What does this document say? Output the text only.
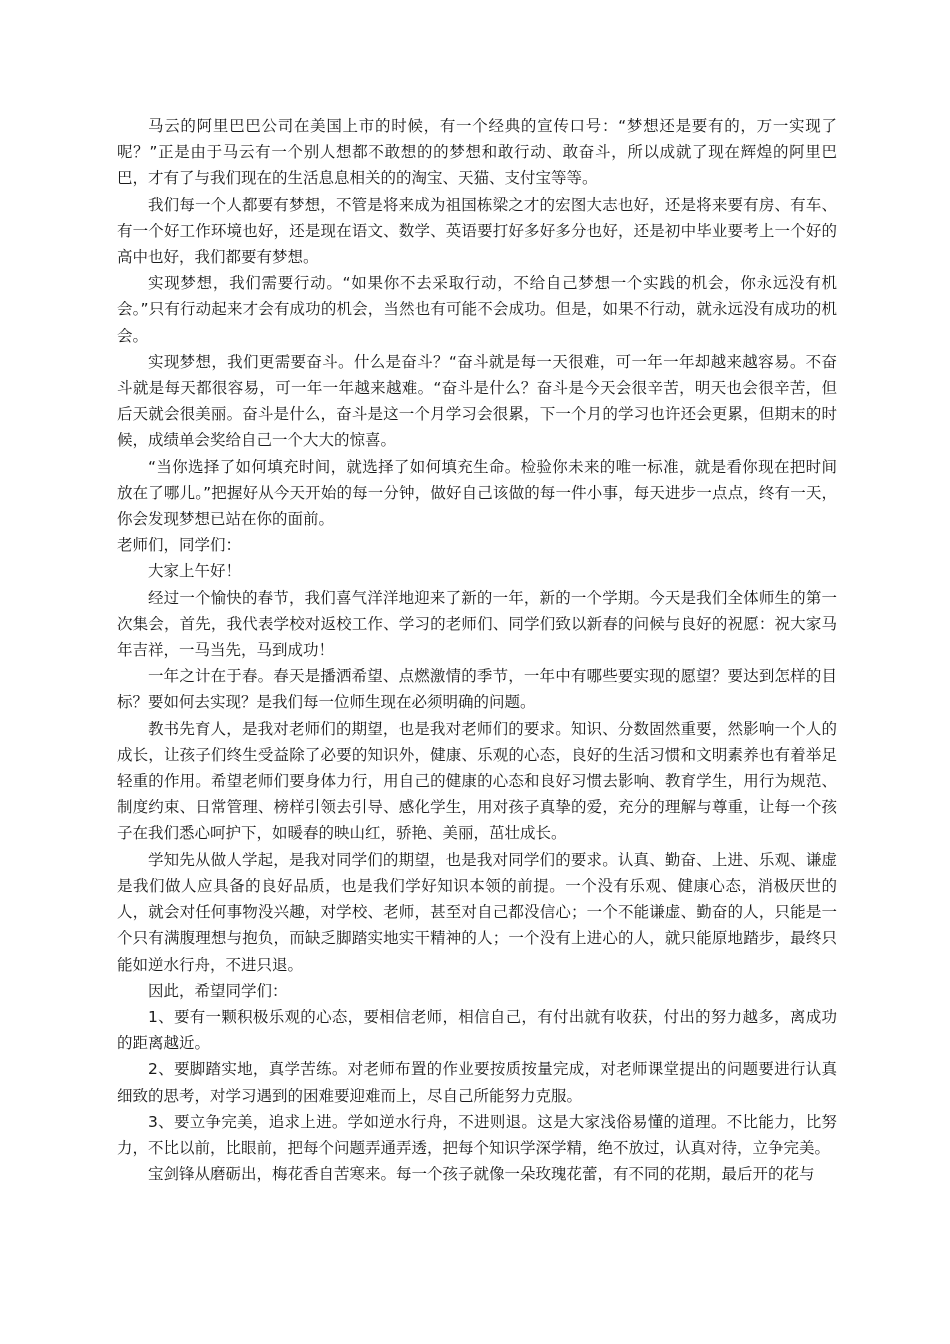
马云的阿里巴巴公司在美国上市的时候，有一个经典的宣传口号：“梦想还是要有的，万一实现了呢？”正是由于马云有一个别人想都不敢想的的梦想和敢行动、敢奋斗，所以成就了现在辉煌的阿里巴巴，才有了与我们现在的生活息息相关的的淘宝、天猫、支付宝等等。

我们每一个人都要有梦想，不管是将来成为祖国栋梁之才的宏图大志也好，还是将来要有房、有车、有一个好工作环境也好，还是现在语文、数学、英语要打好多好多分也好，还是初中毕业要考上一个好的高中也好，我们都要有梦想。

实现梦想，我们需要行动。“如果你不去采取行动，不给自己梦想一个实践的机会，你永远没有机会。”只有行动起来才会有成功的机会，当然也有可能不会成功。但是，如果不行动，就永远没有成功的机会。

实现梦想，我们更需要奋斗。什么是奋斗？“奋斗就是每一天很难，可一年一年却越来越容易。不奋斗就是每天都很容易，可一年一年越来越难。“奋斗是什么？奋斗是今天会很辛苦，明天也会很辛苦，但后天就会很美丽。奋斗是什么，奋斗是这一个月学习会很累，下一个月的学习也许还会更累，但期末的时候，成绩单会奖给自己一个大大的惊喜。

“当你选择了如何填充时间，就选择了如何填充生命。检验你未来的唯一标准，就是看你现在把时间放在了哪儿。”把握好从今天开始的每一分钟，做好自己该做的每一件小事，每天进步一点点，终有一天，你会发现梦想已站在你的面前。

老师们，同学们：

大家上午好！

经过一个愉快的春节，我们喜气洋洋地迎来了新的一年，新的一个学期。今天是我们全体师生的第一次集会，首先，我代表学校对返校工作、学习的老师们、同学们致以新春的问候与良好的祝愿：祝大家马年吉祥，一马当先，马到成功！

一年之计在于春。春天是播洒希望、点燃激情的季节，一年中有哪些要实现的愿望？要达到怎样的目标？要如何去实现？是我们每一位师生现在必须明确的问题。

教书先育人，是我对老师们的期望，也是我对老师们的要求。知识、分数固然重要，然影响一个人的成长，让孩子们终生受益除了必要的知识外，健康、乐观的心态，良好的生活习惯和文明素养也有着举足轻重的作用。希望老师们要身体力行，用自己的健康的心态和良好习惯去影响、教育学生，用行为规范、制度约束、日常管理、榜样引领去引导、感化学生，用对孩子真挚的爱，充分的理解与尊重，让每一个孩子在我们悉心呵护下，如暖春的映山红，骄艳、美丽，茁壮成长。

学知先从做人学起，是我对同学们的期望，也是我对同学们的要求。认真、勤奋、上进、乐观、谦虚是我们做人应具备的良好品质，也是我们学好知识本领的前提。一个没有乐观、健康心态，消极厌世的人，就会对任何事物没兴趣，对学校、老师，甚至对自己都没信心；一个不能谦虚、勤奋的人，只能是一个只有满腹理想与抱负，而缺乏脚踏实地实干精神的人；一个没有上进心的人，就只能原地踏步，最终只能如逆水行舟，不进只退。

因此，希望同学们：

1、要有一颗积极乐观的心态，要相信老师，相信自己，有付出就有收获，付出的努力越多，离成功的距离越近。

2、要脚踏实地，真学苦练。对老师布置的作业要按质按量完成，对老师课堂提出的问题要进行认真细致的思考，对学习遇到的困难要迎难而上，尽自己所能努力克服。

3、要立争完美，追求上进。学如逆水行舟，不进则退。这是大家浅俗易懂的道理。不比能力，比努力，不比以前，比眼前，把每个问题弄通弄透，把每个知识学深学精，绝不放过，认真对待，立争完美。

宝剑锋从磨砺出，梅花香自苦寒来。每一个孩子就像一朵玫瑰花蕾，有不同的花期，最后开的花与
